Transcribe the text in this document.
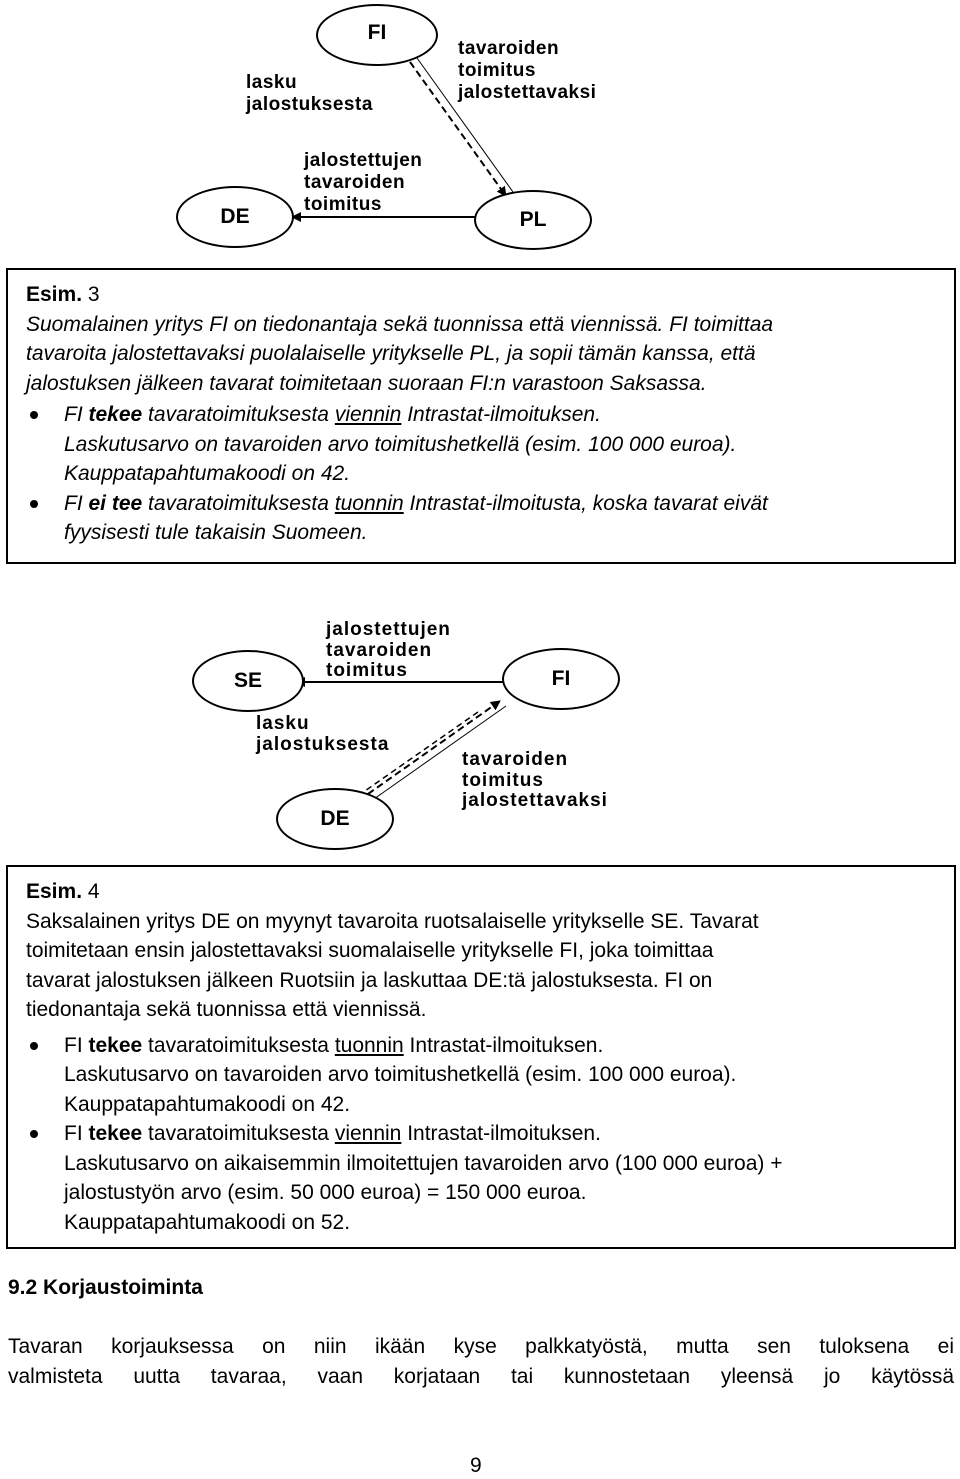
FI
DE	PL
lasku
jalostuksesta
tavaroiden
toimitus
jalostettavaksi
jalostettujen
tavaroiden
toimitus
Esim. 3
Suomalainen yritys FI on tiedonantaja sekä tuonnissa että viennissä. FI toimittaa
tavaroita jalostettavaksi puolalaiselle yritykselle PL, ja sopii tämän kanssa, että
jalostuksen jälkeen tavarat toimitetaan suoraan FI:n varastoon Saksassa.
FI tekee tavaratoimituksesta viennin Intrastat-ilmoituksen.
Laskutusarvo on tavaroiden arvo toimitushetkellä (esim. 100 000 euroa).
Kauppatapahtumakoodi on 42.
FI ei tee tavaratoimituksesta tuonnin Intrastat-ilmoitusta, koska tavarat eivät
fyysisesti tule takaisin Suomeen.
SE	FI
DE
jalostettujen
tavaroiden
toimitus
lasku
jalostuksesta
tavaroiden
toimitus
jalostettavaksi
Esim. 4
Saksalainen yritys DE on myynyt tavaroita ruotsalaiselle yritykselle SE. Tavarat
toimitetaan ensin jalostettavaksi suomalaiselle yritykselle FI, joka toimittaa
tavarat jalostuksen jälkeen Ruotsiin ja laskuttaa DE:tä jalostuksesta. FI on
tiedonantaja sekä tuonnissa että viennissä.
FI tekee tavaratoimituksesta tuonnin Intrastat-ilmoituksen.
Laskutusarvo on tavaroiden arvo toimitushetkellä (esim. 100 000 euroa).
Kauppatapahtumakoodi on 42.
FI tekee tavaratoimituksesta viennin Intrastat-ilmoituksen.
Laskutusarvo on aikaisemmin ilmoitettujen tavaroiden arvo (100 000 euroa) +
jalostustyön arvo (esim. 50 000 euroa) = 150 000 euroa.
Kauppatapahtumakoodi on 52.
9.2 Korjaustoiminta
Tavaran korjauksessa on niin ikään kyse palkkatyöstä, mutta sen tuloksena ei
valmisteta uutta tavaraa, vaan korjataan tai kunnostetaan yleensä jo käytössä
9
